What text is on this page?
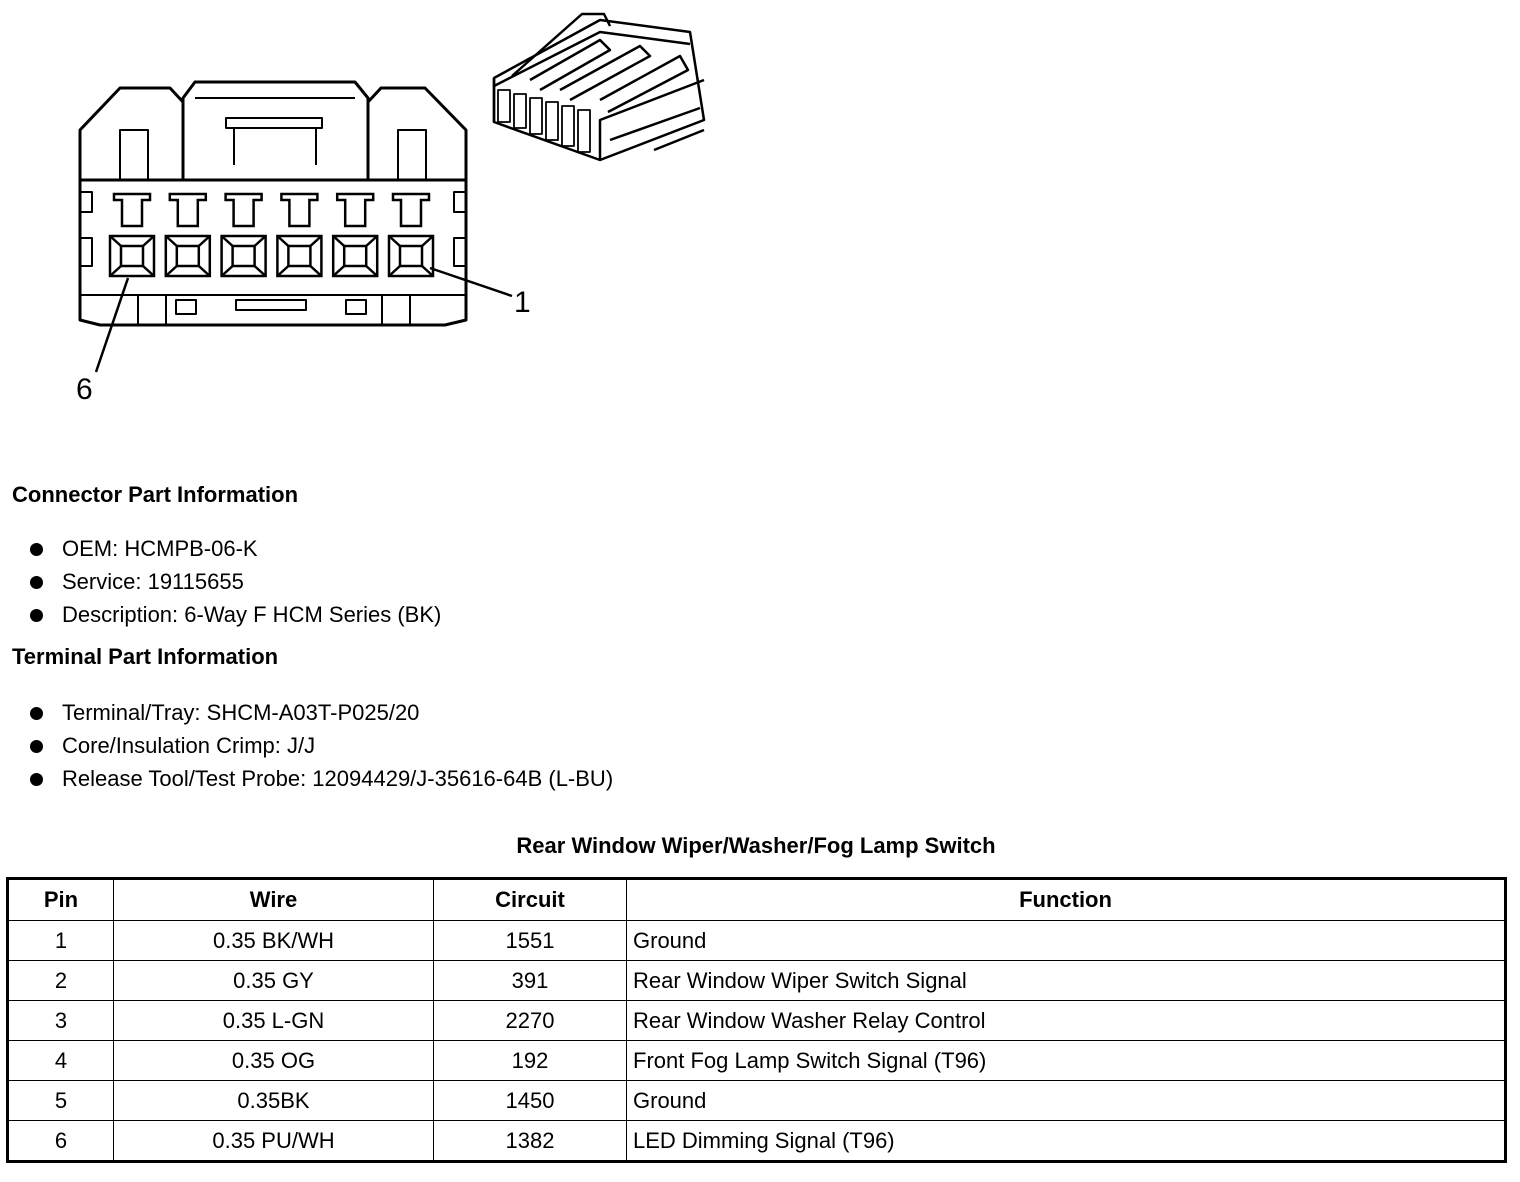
1
6
Connector Part Information
OEM: HCMPB-06-K
Service: 19115655
Description: 6-Way F HCM Series (BK)
Terminal Part Information
Terminal/Tray: SHCM-A03T-P025/20
Core/Insulation Crimp: J/J
Release Tool/Test Probe: 12094429/J-35616-64B (L-BU)
Rear Window Wiper/Washer/Fog Lamp Switch
Pin	Wire	Circuit	Function
1	0.35 BK/WH	1551	Ground
2	0.35 GY	391	Rear Window Wiper Switch Signal
3	0.35 L-GN	2270	Rear Window Washer Relay Control
4	0.35 OG	192	Front Fog Lamp Switch Signal (T96)
5	0.35BK	1450	Ground
6	0.35 PU/WH	1382	LED Dimming Signal (T96)
